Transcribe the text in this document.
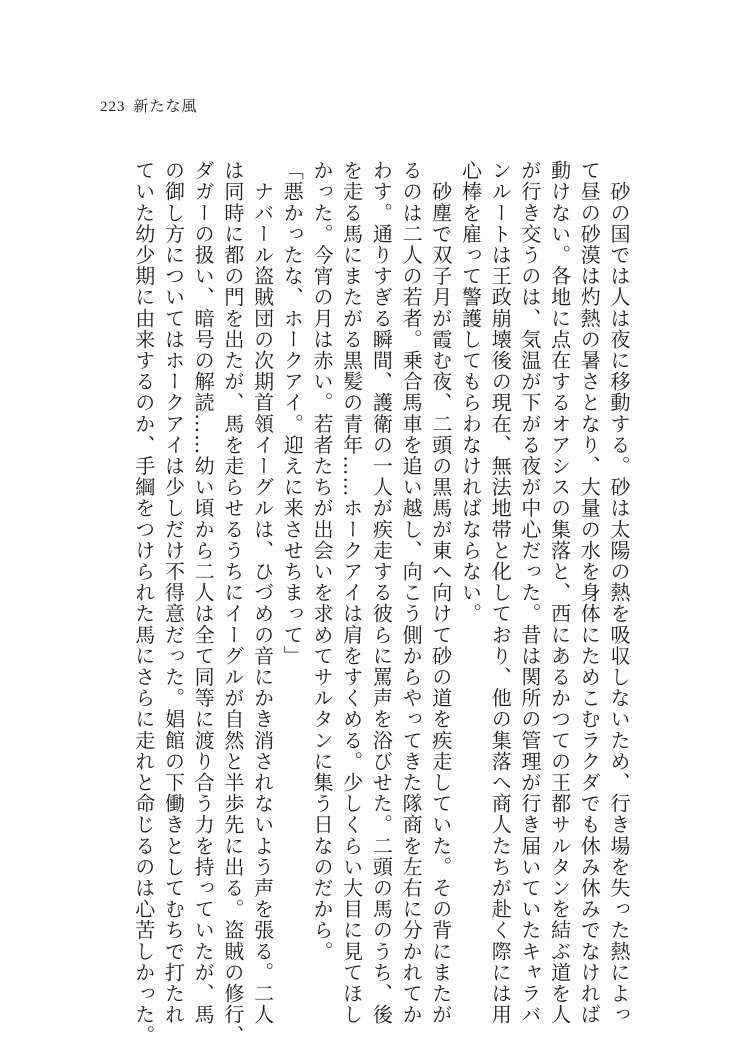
223 新たな風

　砂の国では人は夜に移動する。砂は太陽の熱を吸収しないため、行き場を失った熱によっ

て昼の砂漠は灼熱の暑さとなり、大量の水を身体にためこむラクダでも休み休みでなければ

動けない。各地に点在するオアシスの集落と、西にあるかつての王都サルタンを結ぶ道を人

が行き交うのは、気温が下がる夜が中心だった。昔は関所の管理が行き届いていたキャラバ

ンルートは王政崩壊後の現在、無法地帯と化しており、他の集落へ商人たちが赴く際には用

心棒を雇って警護してもらわなければならない。

　砂塵で双子月が霞む夜、二頭の黒馬が東へ向けて砂の道を疾走していた。その背にまたが

るのは二人の若者。乗合馬車を追い越し、向こう側からやってきた隊商を左右に分かれてか

わす。通りすぎる瞬間、護衛の一人が疾走する彼らに罵声を浴びせた。二頭の馬のうち、後

を走る馬にまたがる黒髪の青年……ホークアイは肩をすくめる。少しくらい大目に見てほし

かった。今宵の月は赤い。若者たちが出会いを求めてサルタンに集う日なのだから。

「悪かったな、ホークアイ。迎えに来させちまって」

　ナバール盗賊団の次期首領イーグルは、ひづめの音にかき消されないよう声を張る。二人

は同時に都の門を出たが、馬を走らせるうちにイーグルが自然と半歩先に出る。盗賊の修行、

ダガーの扱い、暗号の解読……幼い頃から二人は全て同等に渡り合う力を持っていたが、馬

の御し方についてはホークアイは少しだけ不得意だった。娼館の下働きとしてむちで打たれ

ていた幼少期に由来するのか、手綱をつけられた馬にさらに走れと命じるのは心苦しかった。
